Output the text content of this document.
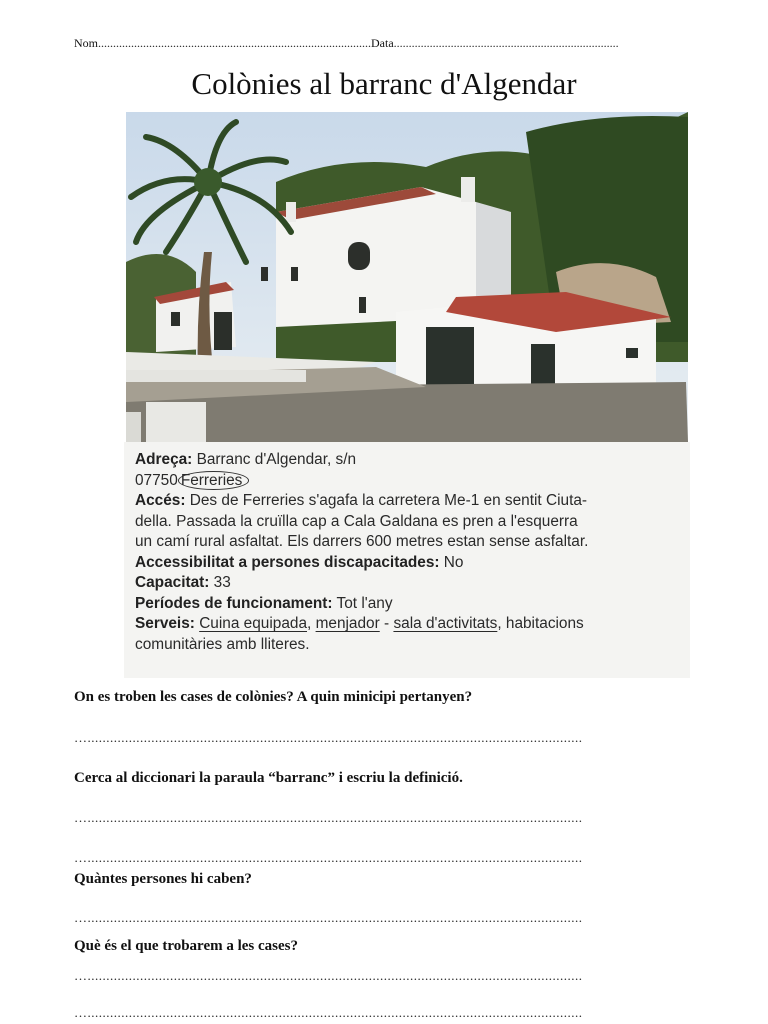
Nom...........................................................................................Data...........................................................................
Colònies al barranc d'Algendar
Adreça: Barranc d'Algendar, s/n
07750 Ferreries
Accés: Des de Ferreries s'agafa la carretera Me-1 en sentit Ciuta-
della. Passada la cruïlla cap a Cala Galdana es pren a l'esquerra
un camí rural asfaltat. Els darrers 600 metres estan sense asfaltar.
Accessibilitat a persones discapacitades: No
Capacitat: 33
Períodes de funcionament: Tot l'any
Serveis: Cuina equipada, menjador - sala d'activitats, habitacions
comunitàries amb lliteres.
On es troben les cases de colònies? A quin minicipi pertanyen?
…....................................................................................................................................
Cerca al diccionari la paraula “barranc” i escriu la definició.
…....................................................................................................................................
…....................................................................................................................................
Quàntes persones hi caben?
…....................................................................................................................................
Què és el que trobarem a les cases?
…....................................................................................................................................
…....................................................................................................................................
